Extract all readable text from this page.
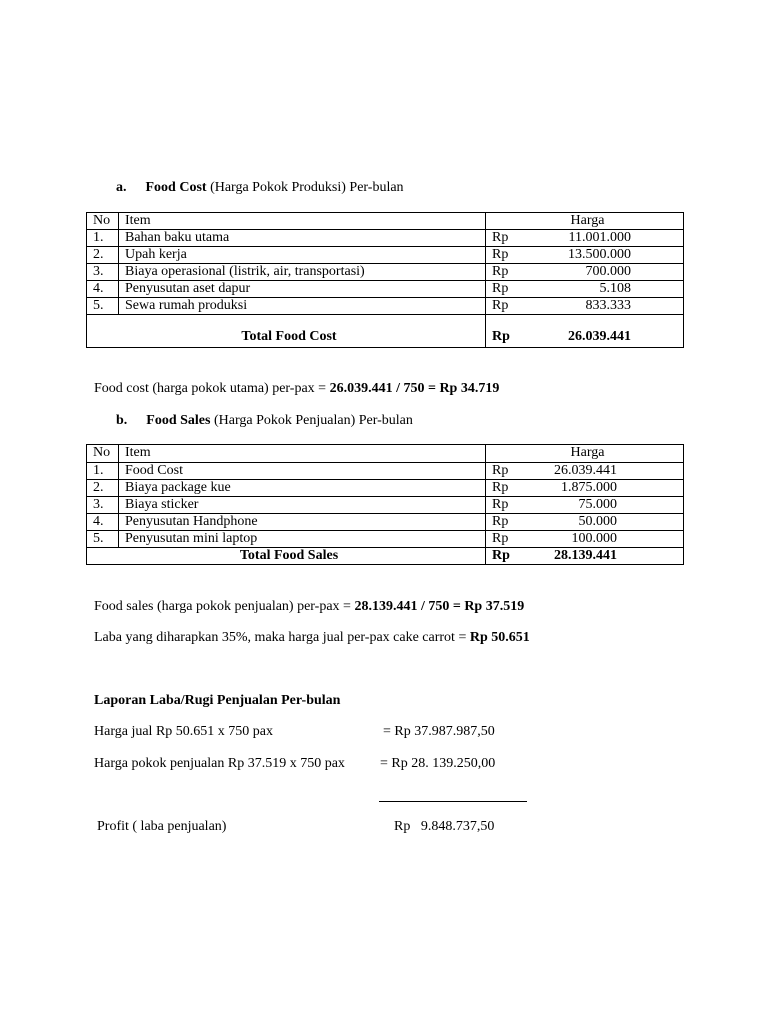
a. Food Cost (Harga Pokok Produksi) Per-bulan
No	Item	Harga
1.	Bahan baku utama	Rp 11.001.000

2.	Upah kerja	Rp 13.500.000

3.	Biaya operasional (listrik, air, transportasi)	Rp 700.000

4.	Penyusutan aset dapur	Rp 5.108

5.	Sewa rumah produksi	Rp 833.333

Total Food Cost		Rp 26.039.441
Food cost (harga pokok utama) per-pax = 26.039.441 / 750 = Rp 34.719
b. Food Sales (Harga Pokok Penjualan) Per-bulan
No	Item	Harga
1.	Food Cost	Rp 26.039.441

2.	Biaya package kue	Rp 1.875.000

3.	Biaya sticker	Rp 75.000

4.	Penyusutan Handphone	Rp 50.000

5.	Penyusutan mini laptop	Rp 100.000

Total Food Sales		Rp 28.139.441
Food sales (harga pokok penjualan) per-pax = 28.139.441 / 750 = Rp 37.519
Laba yang diharapkan 35%, maka harga jual per-pax cake carrot = Rp 50.651
Laporan Laba/Rugi Penjualan Per-bulan
Harga jual Rp 50.651 x 750 pax	= Rp 37.987.987,50
Harga pokok penjualan Rp 37.519 x 750 pax	= Rp 28. 139.250,00
Profit ( laba penjualan)	Rp   9.848.737,50
